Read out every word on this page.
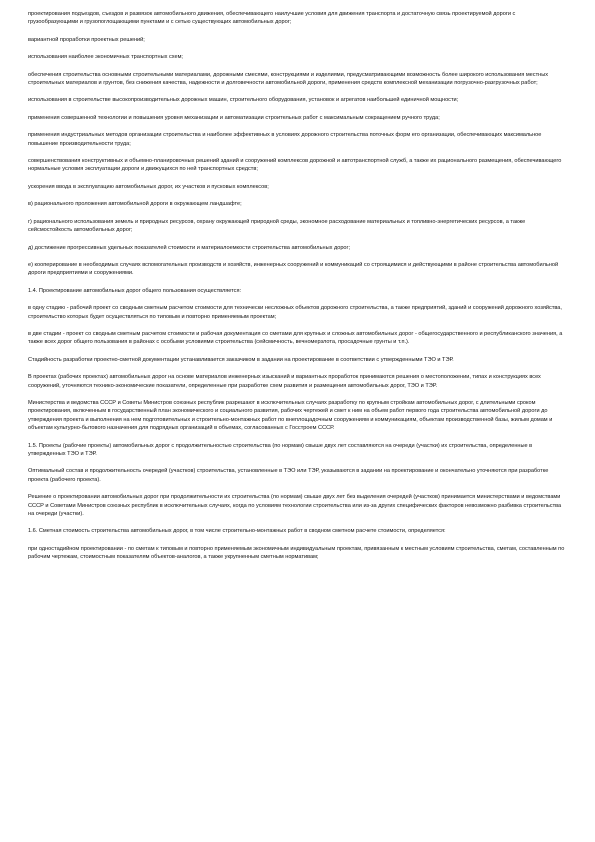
проектирования подъездов, съездов и развязок автомобильного движения, обеспечивающего наилучшие условия для движения транспорта и достаточную связь проектируемой дороги с грузообразующими и грузопоглощающими пунктами и с сетью существующих автомобильных дорог;

вариантной проработки проектных решений;

использования наиболее экономичных транспортных схем;

обеспечения строительства основными строительными материалами, дорожными смесями, конструкциями и изделиями, предусматривающими возможность более широкого использования местных строительных материалов и грунтов, без снижения качества, надежности и долговечности автомобильной дороги, применения средств комплексной механизации погрузочно-разгрузочных работ;

использования в строительстве высокопроизводительных дорожных машин, строительного оборудования, установок и агрегатов наибольшей единичной мощности;

применения совершенной технологии и повышения уровня механизации и автоматизации строительных работ с максимальным сокращением ручного труда;

применения индустриальных методов организации строительства и наиболее эффективных в условиях дорожного строительства поточных форм его организации, обеспечивающих максимальное повышение производительности труда;

совершенствования конструктивных и объемно-планировочных решений зданий и сооружений комплексов дорожной и автотранспортной служб, а также их рационального размещения, обеспечивающего нормальные условия эксплуатации дороги и движущихся по ней транспортных средств;

ускорения ввода в эксплуатацию автомобильных дорог, их участков и пусковых комплексов;

в) рационального проложения автомобильной дороги в окружающем ландшафте;

г) рационального использования земель и природных ресурсов, охрану окружающей природной среды, экономное расходование материальных и топливно-энергетических ресурсов, а также сейсмостойкость автомобильных дорог;

д) достижение прогрессивных удельных показателей стоимости и материалоемкости строительства автомобильных дорог;

е) кооперирование в необходимых случаях вспомогательных производств и хозяйств, инженерных сооружений и коммуникаций со строящимися и действующими в районе строительства автомобильной дороги предприятиями и сооружениями.

1.4. Проектирование автомобильных дорог общего пользования осуществляется:

в одну стадию - рабочий проект со сводным сметным расчетом стоимости для технически несложных объектов дорожного строительства, а также предприятий, зданий и сооружений дорожного хозяйства, строительство которых будет осуществляться по типовым и повторно применяемым проектам;

в две стадии - проект со сводным сметным расчетом стоимости и рабочая документация со сметами для крупных и сложных автомобильных дорог - общегосударственного и республиканского значения, а также всех дорог общего пользования в районах с особыми условиями строительства (сейсмичность, вечномерзлота, просадочные грунты и т.п.).

Стадийность разработки проектно-сметной документации устанавливается заказчиком в задании на проектирование в соответствии с утвержденными ТЭО и ТЭР.

В проектах (рабочих проектах) автомобильных дорог на основе материалов инженерных изысканий и вариантных проработок принимаются решения о местоположении, типах и конструкциях всех сооружений, уточняются технико-экономические показатели, определенные при разработке схем развития и размещения автомобильных дорог, ТЭО и ТЭР.

Министерства и ведомства СССР и Советы Министров союзных республик разрешают в исключительных случаях разработку по крупным стройкам автомобильных дорог, с длительными сроком проектирования, включенным в государственный план экономического и социального развития, рабочих чертежей и смет к ним на объем работ первого года строительства автомобильной дороги до утверждения проекта и выполнения на нем подготовительных и строительно-монтажных работ по внеплощадочным сооружениям и коммуникациям, объектам производственной базы, жилым домам и объектам культурно-бытового назначения для подрядных организаций в объемах, согласованных с Госстроем СССР.

1.5. Проекты (рабочие проекты) автомобильных дорог с продолжительностью строительства (по нормам) свыше двух лет составляются на очереди (участки) их строительства, определенные в утвержденных ТЭО и ТЭР.

Оптимальный состав и продолжительность очередей (участков) строительства, установленные в ТЭО или ТЭР, указываются в задании на проектирование и окончательно уточняются при разработке проекта (рабочего проекта).

Решение о проектировании автомобильных дорог при продолжительности их строительства (по нормам) свыше двух лет без выделения очередей (участков) принимается министерствами и ведомствами СССР и Советами Министров союзных республик в исключительных случаях, когда по условиям технологии строительства или из-за других специфических факторов невозможно разбивка строительства на очереди (участки).

1.6. Сметная стоимость строительства автомобильных дорог, в том числе строительно-монтажных работ в сводном сметном расчете стоимости, определяется:

при одностадийном проектировании - по сметам к типовым и повторно применяемым экономичным индивидуальным проектам, привязанным к местным условиям строительства, сметам, составленным по рабочим чертежам, стоимостным показателям объектов-аналогов, а также укрупненным сметным нормативам;
